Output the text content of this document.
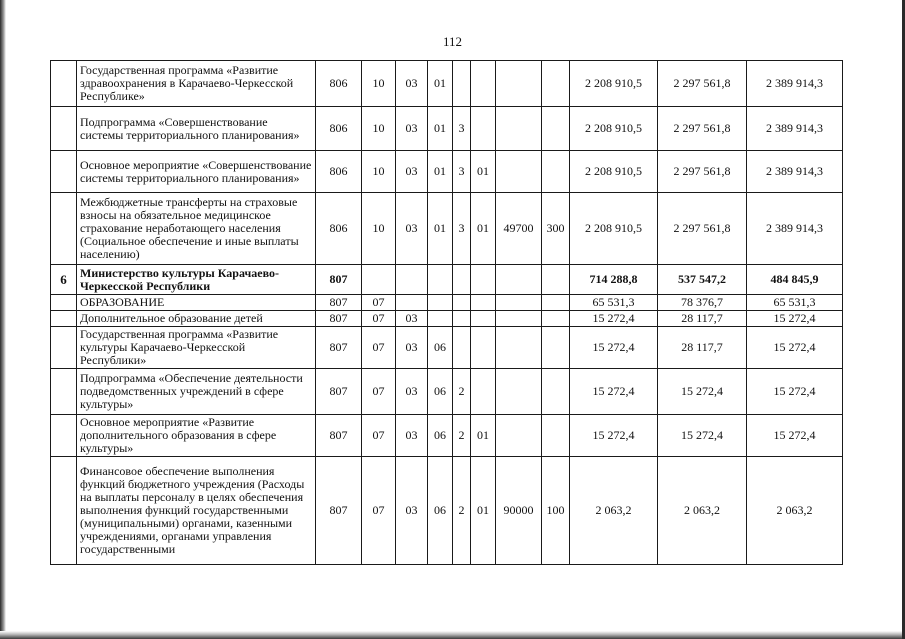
112
	Государственная программа «Развитие здравоохранения в Карачаево-Черкесской Республике»	806	10	03	01					2 208 910,5	2 297 561,8	2 389 914,3
	Подпрограмма «Совершенствование системы территориального планирования»	806	10	03	01	3				2 208 910,5	2 297 561,8	2 389 914,3
	Основное мероприятие «Совершенствование системы территориального планирования»	806	10	03	01	3	01			2 208 910,5	2 297 561,8	2 389 914,3
	Межбюджетные трансферты на страховые взносы на обязательное медицинское страхование неработающего населения (Социальное обеспечение и иные выплаты населению)	806	10	03	01	3	01	49700	300	2 208 910,5	2 297 561,8	2 389 914,3
6	Министерство культуры Карачаево-Черкесской Республики	807								714 288,8	537 547,2	484 845,9
	ОБРАЗОВАНИЕ	807	07							65 531,3	78 376,7	65 531,3
	Дополнительное образование детей	807	07	03						15 272,4	28 117,7	15 272,4
	Государственная программа «Развитие культуры Карачаево-Черкесской Республики»	807	07	03	06					15 272,4	28 117,7	15 272,4
	Подпрограмма «Обеспечение деятельности подведомственных учреждений в сфере культуры»	807	07	03	06	2				15 272,4	15 272,4	15 272,4
	Основное мероприятие «Развитие дополнительного образования в сфере культуры»	807	07	03	06	2	01			15 272,4	15 272,4	15 272,4
	Финансовое обеспечение выполнения функций бюджетного учреждения (Расходы на выплаты персоналу в целях обеспечения выполнения функций государственными (муниципальными) органами, казенными учреждениями, органами управления государственными	807	07	03	06	2	01	90000	100	2 063,2	2 063,2	2 063,2
